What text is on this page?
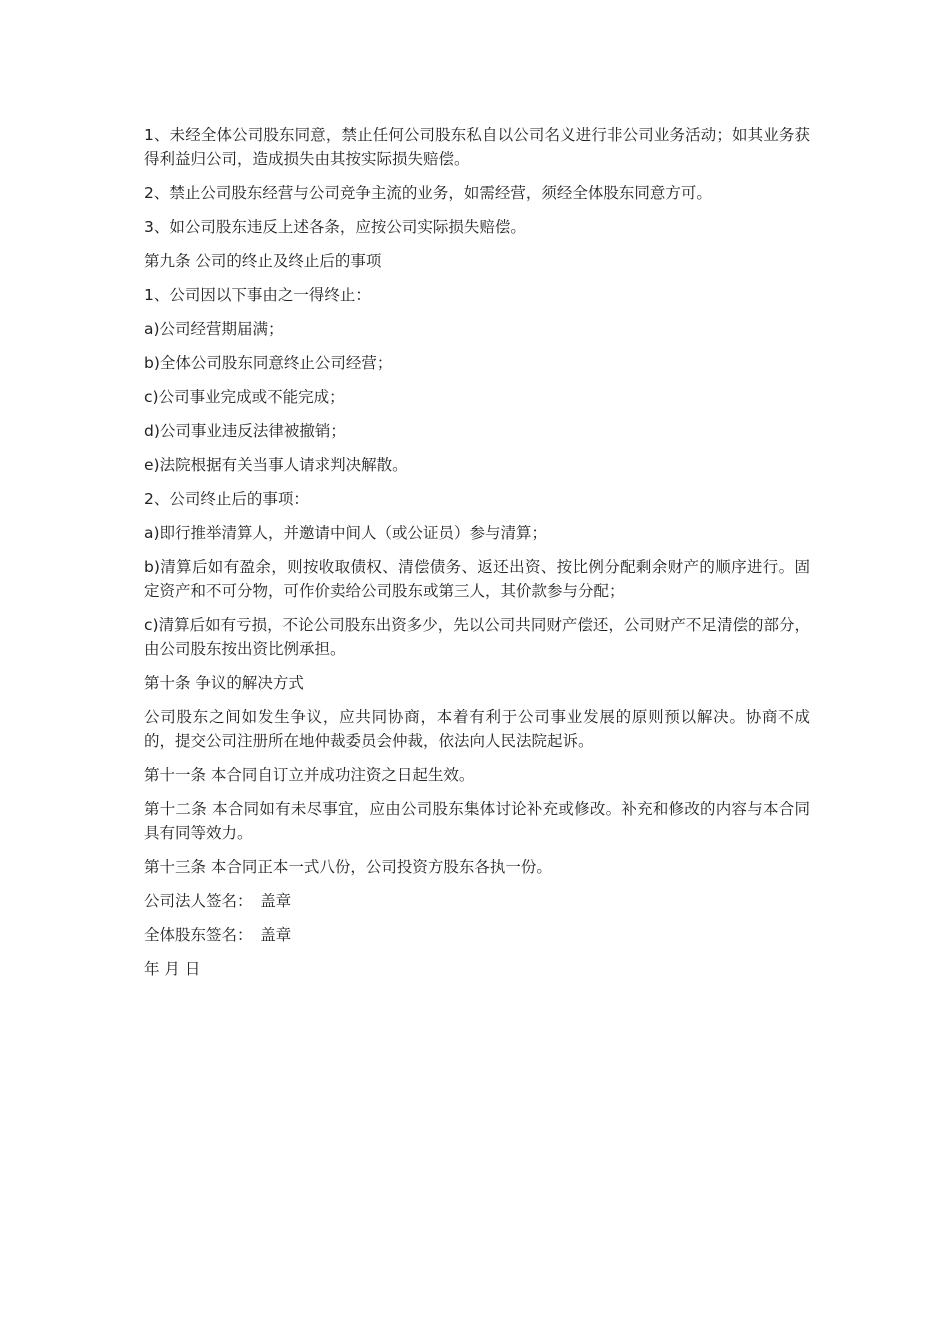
1、未经全体公司股东同意，禁止任何公司股东私自以公司名义进行非公司业务活动；如其业务获得利益归公司，造成损失由其按实际损失赔偿。

2、禁止公司股东经营与公司竞争主流的业务，如需经营，须经全体股东同意方可。

3、如公司股东违反上述各条，应按公司实际损失赔偿。

第九条 公司的终止及终止后的事项

1、公司因以下事由之一得终止：

a)公司经营期届满；

b)全体公司股东同意终止公司经营；

c)公司事业完成或不能完成；

d)公司事业违反法律被撤销；

e)法院根据有关当事人请求判决解散。

2、公司终止后的事项：

a)即行推举清算人，并邀请中间人（或公证员）参与清算；

b)清算后如有盈余，则按收取债权、清偿债务、返还出资、按比例分配剩余财产的顺序进行。固定资产和不可分物，可作价卖给公司股东或第三人，其价款参与分配；

c)清算后如有亏损，不论公司股东出资多少，先以公司共同财产偿还，公司财产不足清偿的部分，由公司股东按出资比例承担。

第十条 争议的解决方式

公司股东之间如发生争议，应共同协商，本着有利于公司事业发展的原则预以解决。协商不成的，提交公司注册所在地仲裁委员会仲裁，依法向人民法院起诉。

第十一条 本合同自订立并成功注资之日起生效。

第十二条 本合同如有未尽事宜，应由公司股东集体讨论补充或修改。补充和修改的内容与本合同具有同等效力。

第十三条 本合同正本一式八份，公司投资方股东各执一份。

公司法人签名：　盖章

全体股东签名：　盖章

年 月 日
